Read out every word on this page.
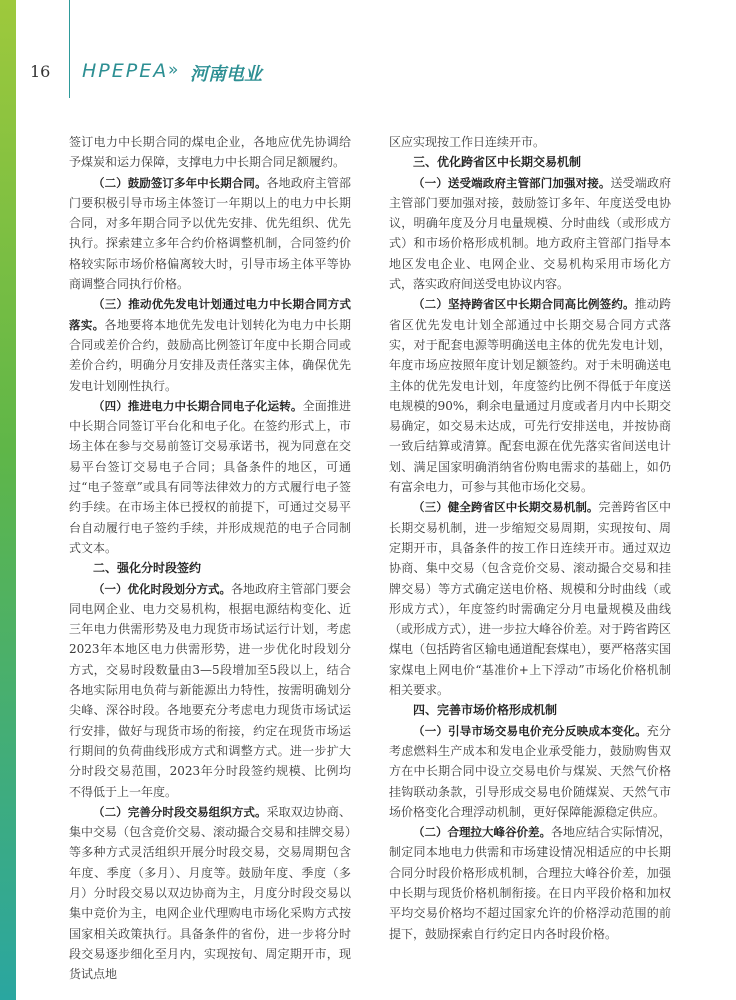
16 HPEPEA » 河南电业

签订电力中长期合同的煤电企业，各地应优先协调给予煤炭和运力保障，支撑电力中长期合同足额履约。

（二）鼓励签订多年中长期合同。各地政府主管部门要积极引导市场主体签订一年期以上的电力中长期合同，对多年期合同予以优先安排、优先组织、优先执行。探索建立多年合约价格调整机制，合同签约价格较实际市场价格偏离较大时，引导市场主体平等协商调整合同执行价格。

（三）推动优先发电计划通过电力中长期合同方式落实。各地要将本地优先发电计划转化为电力中长期合同或差价合约，鼓励高比例签订年度中长期合同或差价合约，明确分月安排及责任落实主体，确保优先发电计划刚性执行。

（四）推进电力中长期合同电子化运转。全面推进中长期合同签订平台化和电子化。在签约形式上，市场主体在参与交易前签订交易承诺书，视为同意在交易平台签订交易电子合同；具备条件的地区，可通过“电子签章”或具有同等法律效力的方式履行电子签约手续。在市场主体已授权的前提下，可通过交易平台自动履行电子签约手续，并形成规范的电子合同制式文本。

二、强化分时段签约

（一）优化时段划分方式。各地政府主管部门要会同电网企业、电力交易机构，根据电源结构变化、近三年电力供需形势及电力现货市场试运行计划，考虑2023年本地区电力供需形势，进一步优化时段划分方式，交易时段数量由3—5段增加至5段以上，结合各地实际用电负荷与新能源出力特性，按需明确划分尖峰、深谷时段。各地要充分考虑电力现货市场试运行安排，做好与现货市场的衔接，约定在现货市场运行期间的负荷曲线形成方式和调整方式。进一步扩大分时段交易范围，2023年分时段签约规模、比例均不得低于上一年度。

（二）完善分时段交易组织方式。采取双边协商、集中交易（包含竞价交易、滚动撮合交易和挂牌交易）等多种方式灵活组织开展分时段交易，交易周期包含年度、季度（多月）、月度等。鼓励年度、季度（多月）分时段交易以双边协商为主，月度分时段交易以集中竞价为主，电网企业代理购电市场化采购方式按国家相关政策执行。具备条件的省份，进一步将分时段交易逐步细化至月内，实现按旬、周定期开市，现货试点地

区应实现按工作日连续开市。

三、优化跨省区中长期交易机制

（一）送受端政府主管部门加强对接。送受端政府主管部门要加强对接，鼓励签订多年、年度送受电协议，明确年度及分月电量规模、分时曲线（或形成方式）和市场价格形成机制。地方政府主管部门指导本地区发电企业、电网企业、交易机构采用市场化方式，落实政府间送受电协议内容。

（二）坚持跨省区中长期合同高比例签约。推动跨省区优先发电计划全部通过中长期交易合同方式落实，对于配套电源等明确送电主体的优先发电计划，年度市场应按照年度计划足额签约。对于未明确送电主体的优先发电计划，年度签约比例不得低于年度送电规模的90%，剩余电量通过月度或者月内中长期交易确定，如交易未达成，可先行安排送电，并按协商一致后结算或清算。配套电源在优先落实省间送电计划、满足国家明确消纳省份购电需求的基础上，如仍有富余电力，可参与其他市场化交易。

（三）健全跨省区中长期交易机制。完善跨省区中长期交易机制，进一步缩短交易周期，实现按旬、周定期开市，具备条件的按工作日连续开市。通过双边协商、集中交易（包含竞价交易、滚动撮合交易和挂牌交易）等方式确定送电价格、规模和分时曲线（或形成方式），年度签约时需确定分月电量规模及曲线（或形成方式），进一步拉大峰谷价差。对于跨省跨区煤电（包括跨省区输电通道配套煤电），要严格落实国家煤电上网电价“基准价+上下浮动”市场化价格机制相关要求。

四、完善市场价格形成机制

（一）引导市场交易电价充分反映成本变化。充分考虑燃料生产成本和发电企业承受能力，鼓励购售双方在中长期合同中设立交易电价与煤炭、天然气价格挂钩联动条款，引导形成交易电价随煤炭、天然气市场价格变化合理浮动机制，更好保障能源稳定供应。

（二）合理拉大峰谷价差。各地应结合实际情况，制定同本地电力供需和市场建设情况相适应的中长期合同分时段价格形成机制，合理拉大峰谷价差，加强中长期与现货价格机制衔接。在日内平段价格和加权平均交易价格均不超过国家允许的价格浮动范围的前提下，鼓励探索自行约定日内各时段价格。
